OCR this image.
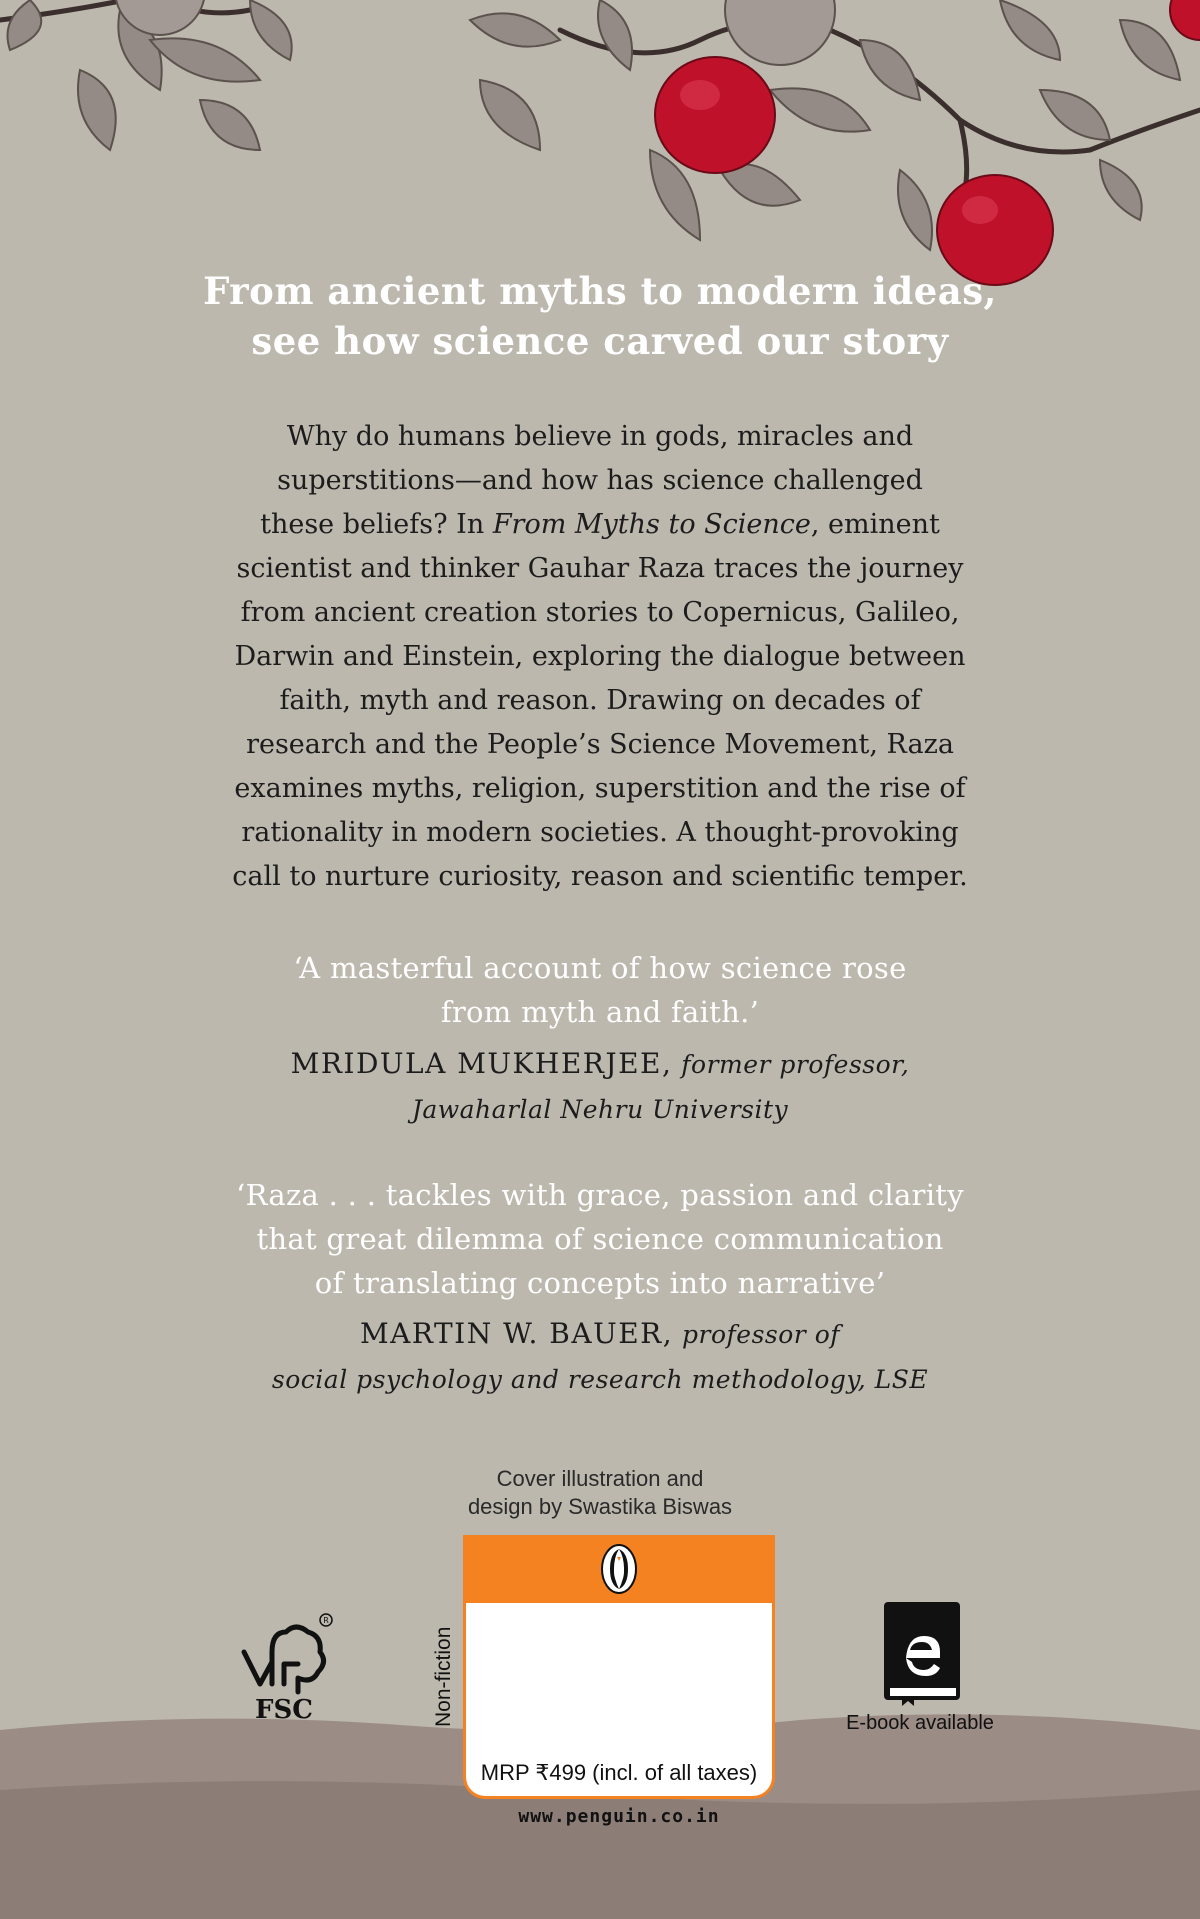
From ancient myths to modern ideas,
see how science carved our story
Why do humans believe in gods, miracles and
superstitions—and how has science challenged
these beliefs? In From Myths to Science, eminent
scientist and thinker Gauhar Raza traces the journey
from ancient creation stories to Copernicus, Galileo,
Darwin and Einstein, exploring the dialogue between
faith, myth and reason. Drawing on decades of
research and the People’s Science Movement, Raza
examines myths, religion, superstition and the rise of
rationality in modern societies. A thought-provoking
call to nurture curiosity, reason and scientific temper.
‘A masterful account of how science rose
from myth and faith.’
MRIDULA MUKHERJEE, former professor,
Jawaharlal Nehru University
‘Raza . . . tackles with grace, passion and clarity
that great dilemma of science communication
of translating concepts into narrative’
MARTIN W. BAUER, professor of
social psychology and research methodology, LSE
Cover illustration and
design by Swastika Biswas
R
FSC	Non-fiction
MRP ₹499 (incl. of all taxes)
www.penguin.co.in
E-book available
